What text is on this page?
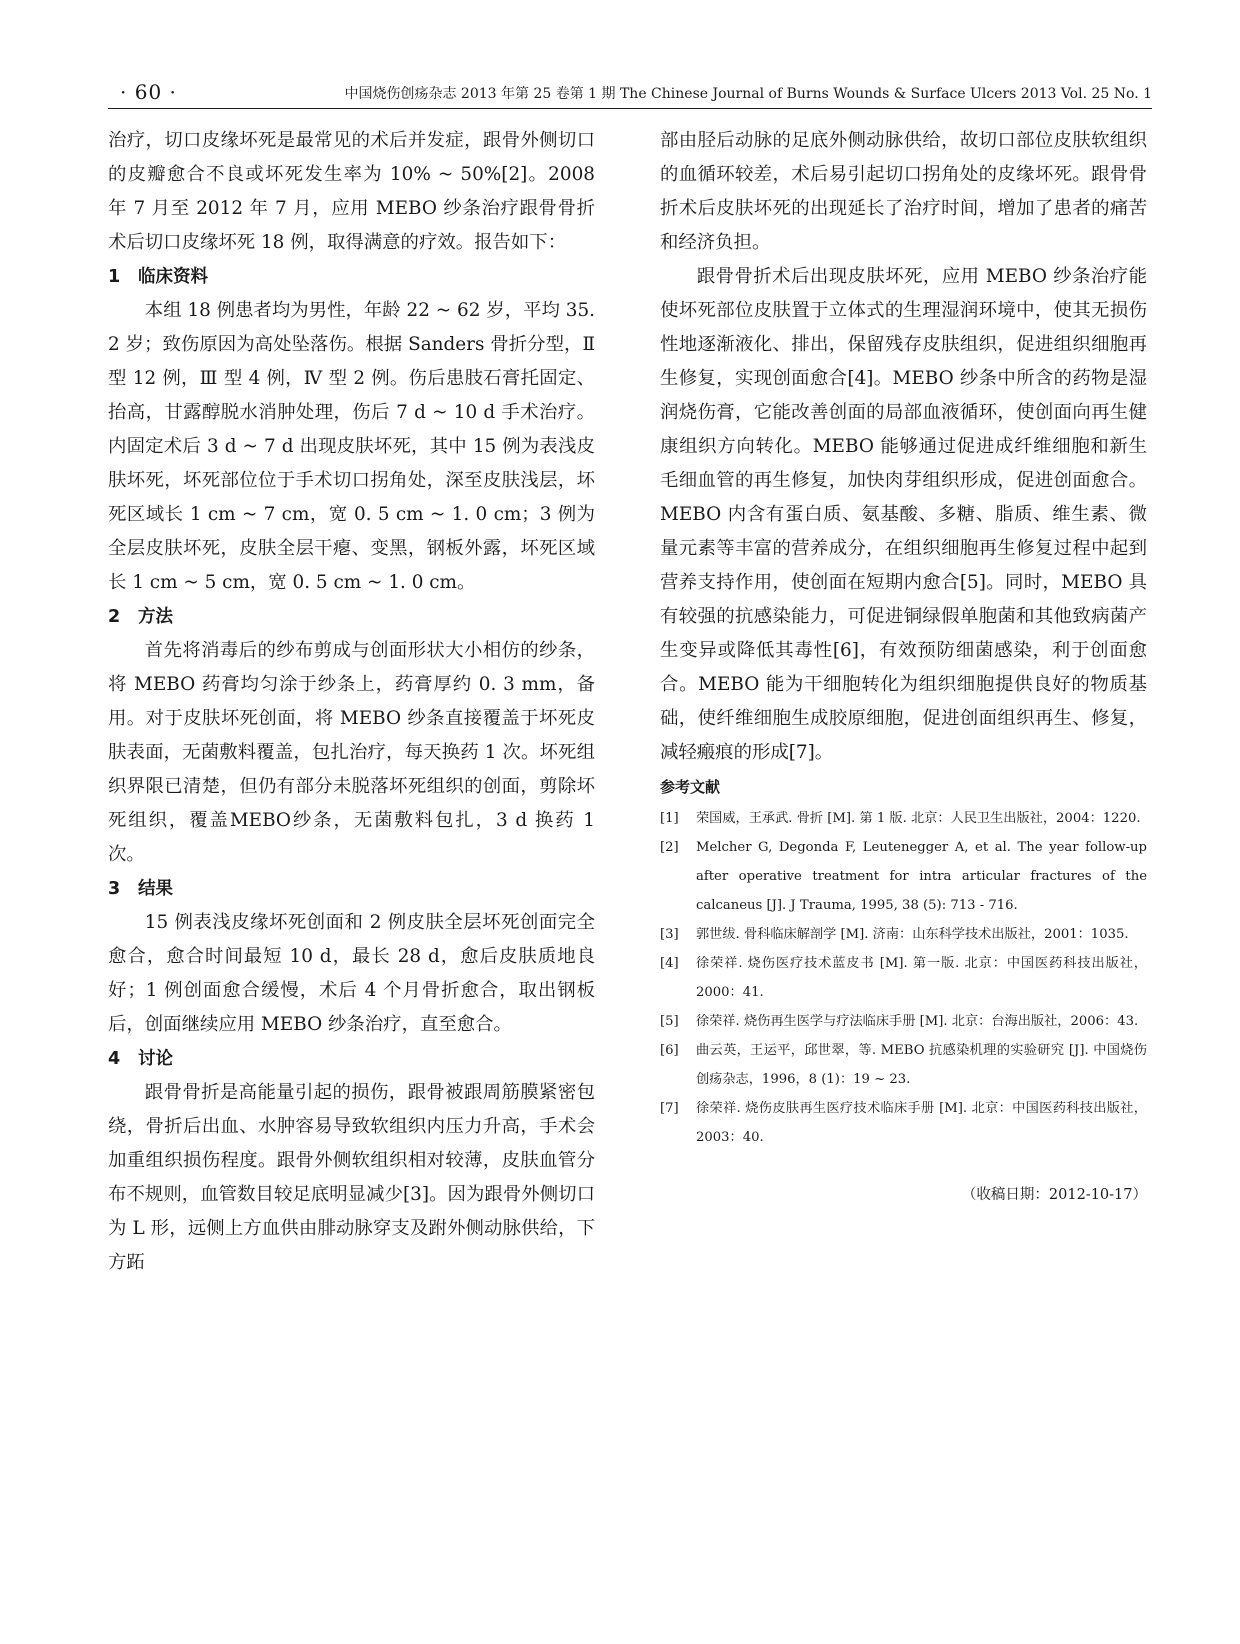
· 60 ·	中国烧伤创疡杂志 2013 年第 25 卷第 1 期 The Chinese Journal of Burns Wounds & Surface Ulcers 2013 Vol. 25 No. 1

治疗，切口皮缘坏死是最常见的术后并发症，跟骨外侧切口的皮瓣愈合不良或坏死发生率为 10% ~ 50%[2]。2008 年 7 月至 2012 年 7 月，应用 MEBO 纱条治疗跟骨骨折术后切口皮缘坏死 18 例，取得满意的疗效。报告如下：

1 临床资料

本组 18 例患者均为男性，年龄 22 ~ 62 岁，平均 35. 2 岁；致伤原因为高处坠落伤。根据 Sanders 骨折分型，Ⅱ 型 12 例，Ⅲ 型 4 例，Ⅳ 型 2 例。伤后患肢石膏托固定、抬高，甘露醇脱水消肿处理，伤后 7 d ~ 10 d 手术治疗。内固定术后 3 d ~ 7 d 出现皮肤坏死，其中 15 例为表浅皮肤坏死，坏死部位位于手术切口拐角处，深至皮肤浅层，坏死区域长 1 cm ~ 7 cm，宽 0. 5 cm ~ 1. 0 cm；3 例为全层皮肤坏死，皮肤全层干瘪、变黑，钢板外露，坏死区域长 1 cm ~ 5 cm，宽 0. 5 cm ~ 1. 0 cm。

2 方法

首先将消毒后的纱布剪成与创面形状大小相仿的纱条，将 MEBO 药膏均匀涂于纱条上，药膏厚约 0. 3 mm，备用。对于皮肤坏死创面，将 MEBO 纱条直接覆盖于坏死皮肤表面，无菌敷料覆盖，包扎治疗，每天换药 1 次。坏死组织界限已清楚，但仍有部分未脱落坏死组织的创面，剪除坏死组织，覆盖MEBO纱条，无菌敷料包扎，3 d 换药 1 次。

3 结果

15 例表浅皮缘坏死创面和 2 例皮肤全层坏死创面完全愈合，愈合时间最短 10 d，最长 28 d，愈后皮肤质地良好；1 例创面愈合缓慢，术后 4 个月骨折愈合，取出钢板后，创面继续应用 MEBO 纱条治疗，直至愈合。

4 讨论

跟骨骨折是高能量引起的损伤，跟骨被跟周筋膜紧密包绕，骨折后出血、水肿容易导致软组织内压力升高，手术会加重组织损伤程度。跟骨外侧软组织相对较薄，皮肤血管分布不规则，血管数目较足底明显减少[3]。因为跟骨外侧切口为 L 形，远侧上方血供由腓动脉穿支及跗外侧动脉供给，下方跖

部由胫后动脉的足底外侧动脉供给，故切口部位皮肤软组织的血循环较差，术后易引起切口拐角处的皮缘坏死。跟骨骨折术后皮肤坏死的出现延长了治疗时间，增加了患者的痛苦和经济负担。

跟骨骨折术后出现皮肤坏死，应用 MEBO 纱条治疗能使坏死部位皮肤置于立体式的生理湿润环境中，使其无损伤性地逐渐液化、排出，保留残存皮肤组织，促进组织细胞再生修复，实现创面愈合[4]。MEBO 纱条中所含的药物是湿润烧伤膏，它能改善创面的局部血液循环，使创面向再生健康组织方向转化。MEBO 能够通过促进成纤维细胞和新生毛细血管的再生修复，加快肉芽组织形成，促进创面愈合。MEBO 内含有蛋白质、氨基酸、多糖、脂质、维生素、微量元素等丰富的营养成分，在组织细胞再生修复过程中起到营养支持作用，使创面在短期内愈合[5]。同时，MEBO 具有较强的抗感染能力，可促进铜绿假单胞菌和其他致病菌产生变异或降低其毒性[6]，有效预防细菌感染，利于创面愈合。MEBO 能为干细胞转化为组织细胞提供良好的物质基础，使纤维细胞生成胶原细胞，促进创面组织再生、修复，减轻瘢痕的形成[7]。

参考文献
[1]	荣国威，王承武. 骨折 [M]. 第 1 版. 北京：人民卫生出版社，2004：1220.
[2]	Melcher G, Degonda F, Leutenegger A, et al. The year follow-up after operative treatment for intra articular fractures of the calcaneus [J]. J Trauma, 1995, 38 (5): 713 - 716.
[3]	郭世绂. 骨科临床解剖学 [M]. 济南：山东科学技术出版社，2001：1035.
[4]	徐荣祥. 烧伤医疗技术蓝皮书 [M]. 第一版. 北京：中国医药科技出版社，2000：41.
[5]	徐荣祥. 烧伤再生医学与疗法临床手册 [M]. 北京：台海出版社，2006：43.
[6]	曲云英，王运平，邱世翠，等. MEBO 抗感染机理的实验研究 [J]. 中国烧伤创疡杂志，1996，8 (1)：19 ~ 23.
[7]	徐荣祥. 烧伤皮肤再生医疗技术临床手册 [M]. 北京：中国医药科技出版社，2003：40.
（收稿日期：2012-10-17）
